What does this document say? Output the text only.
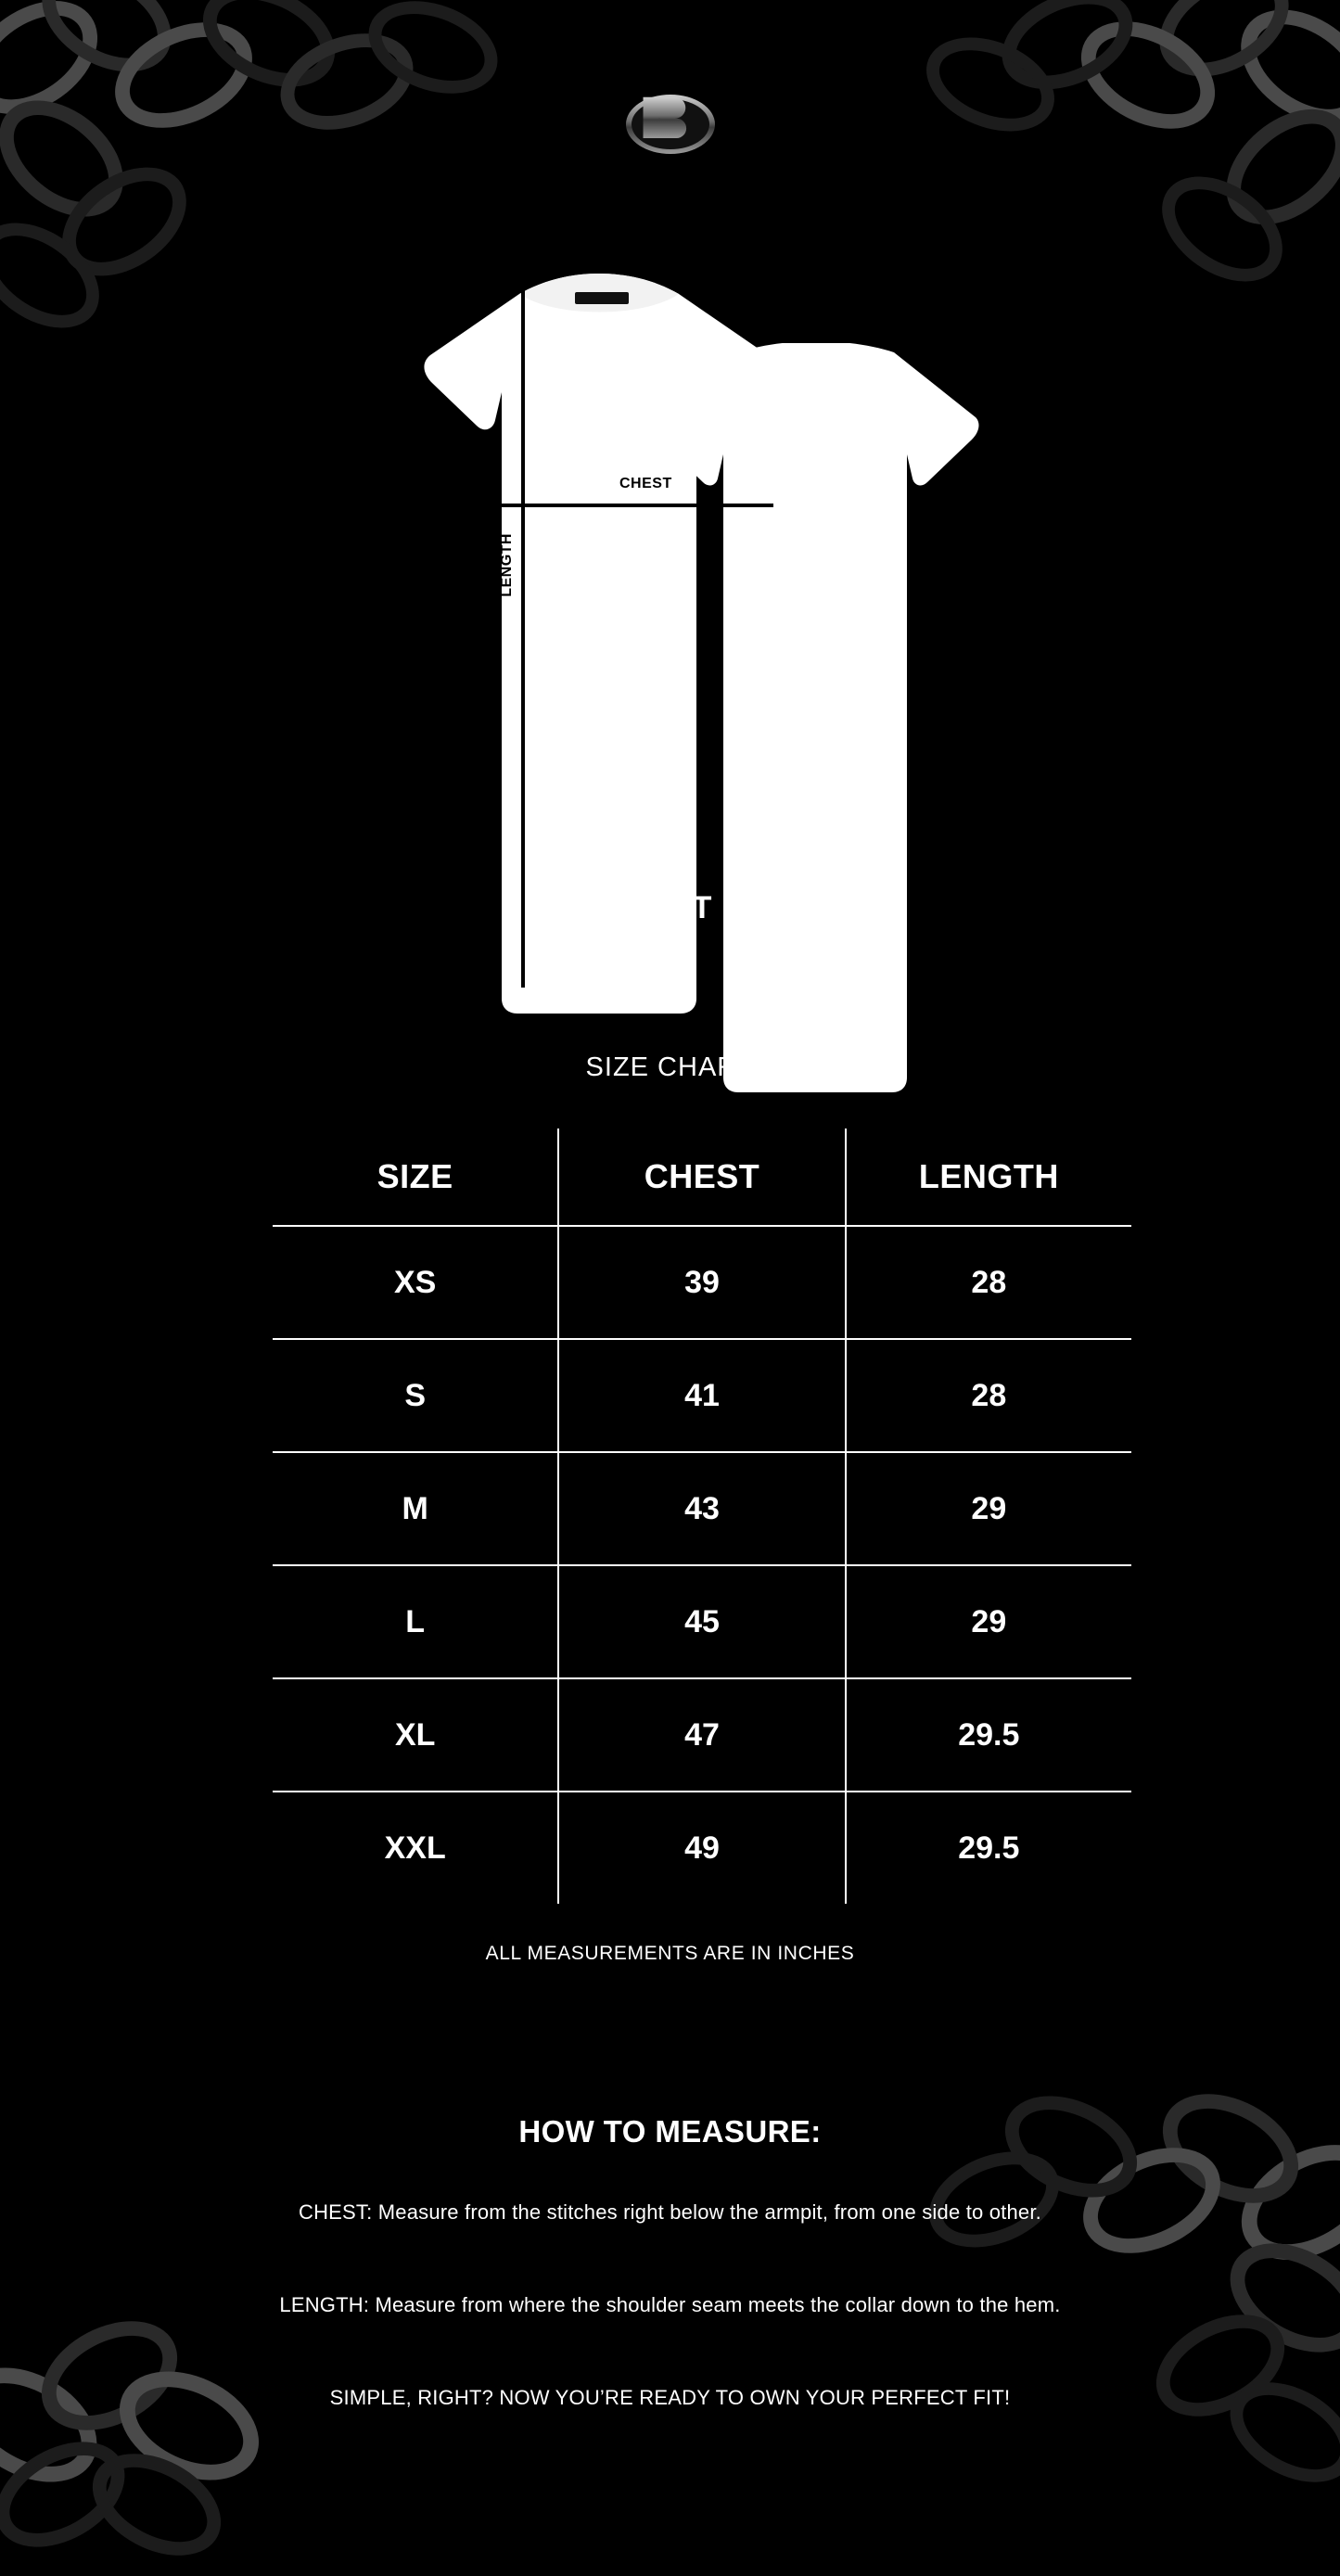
CHEST
LENGTH
VEST
SIZE CHART
SIZE	CHEST	LENGTH
XS	39	28
S	41	28
M	43	29
L	45	29
XL	47	29.5
XXL	49	29.5
ALL MEASUREMENTS ARE IN INCHES
HOW TO MEASURE:
CHEST: Measure from the stitches right below the armpit, from one side to other.
LENGTH: Measure from where the shoulder seam meets the collar down to the hem.
SIMPLE, RIGHT? NOW YOU’RE READY TO OWN YOUR PERFECT FIT!
